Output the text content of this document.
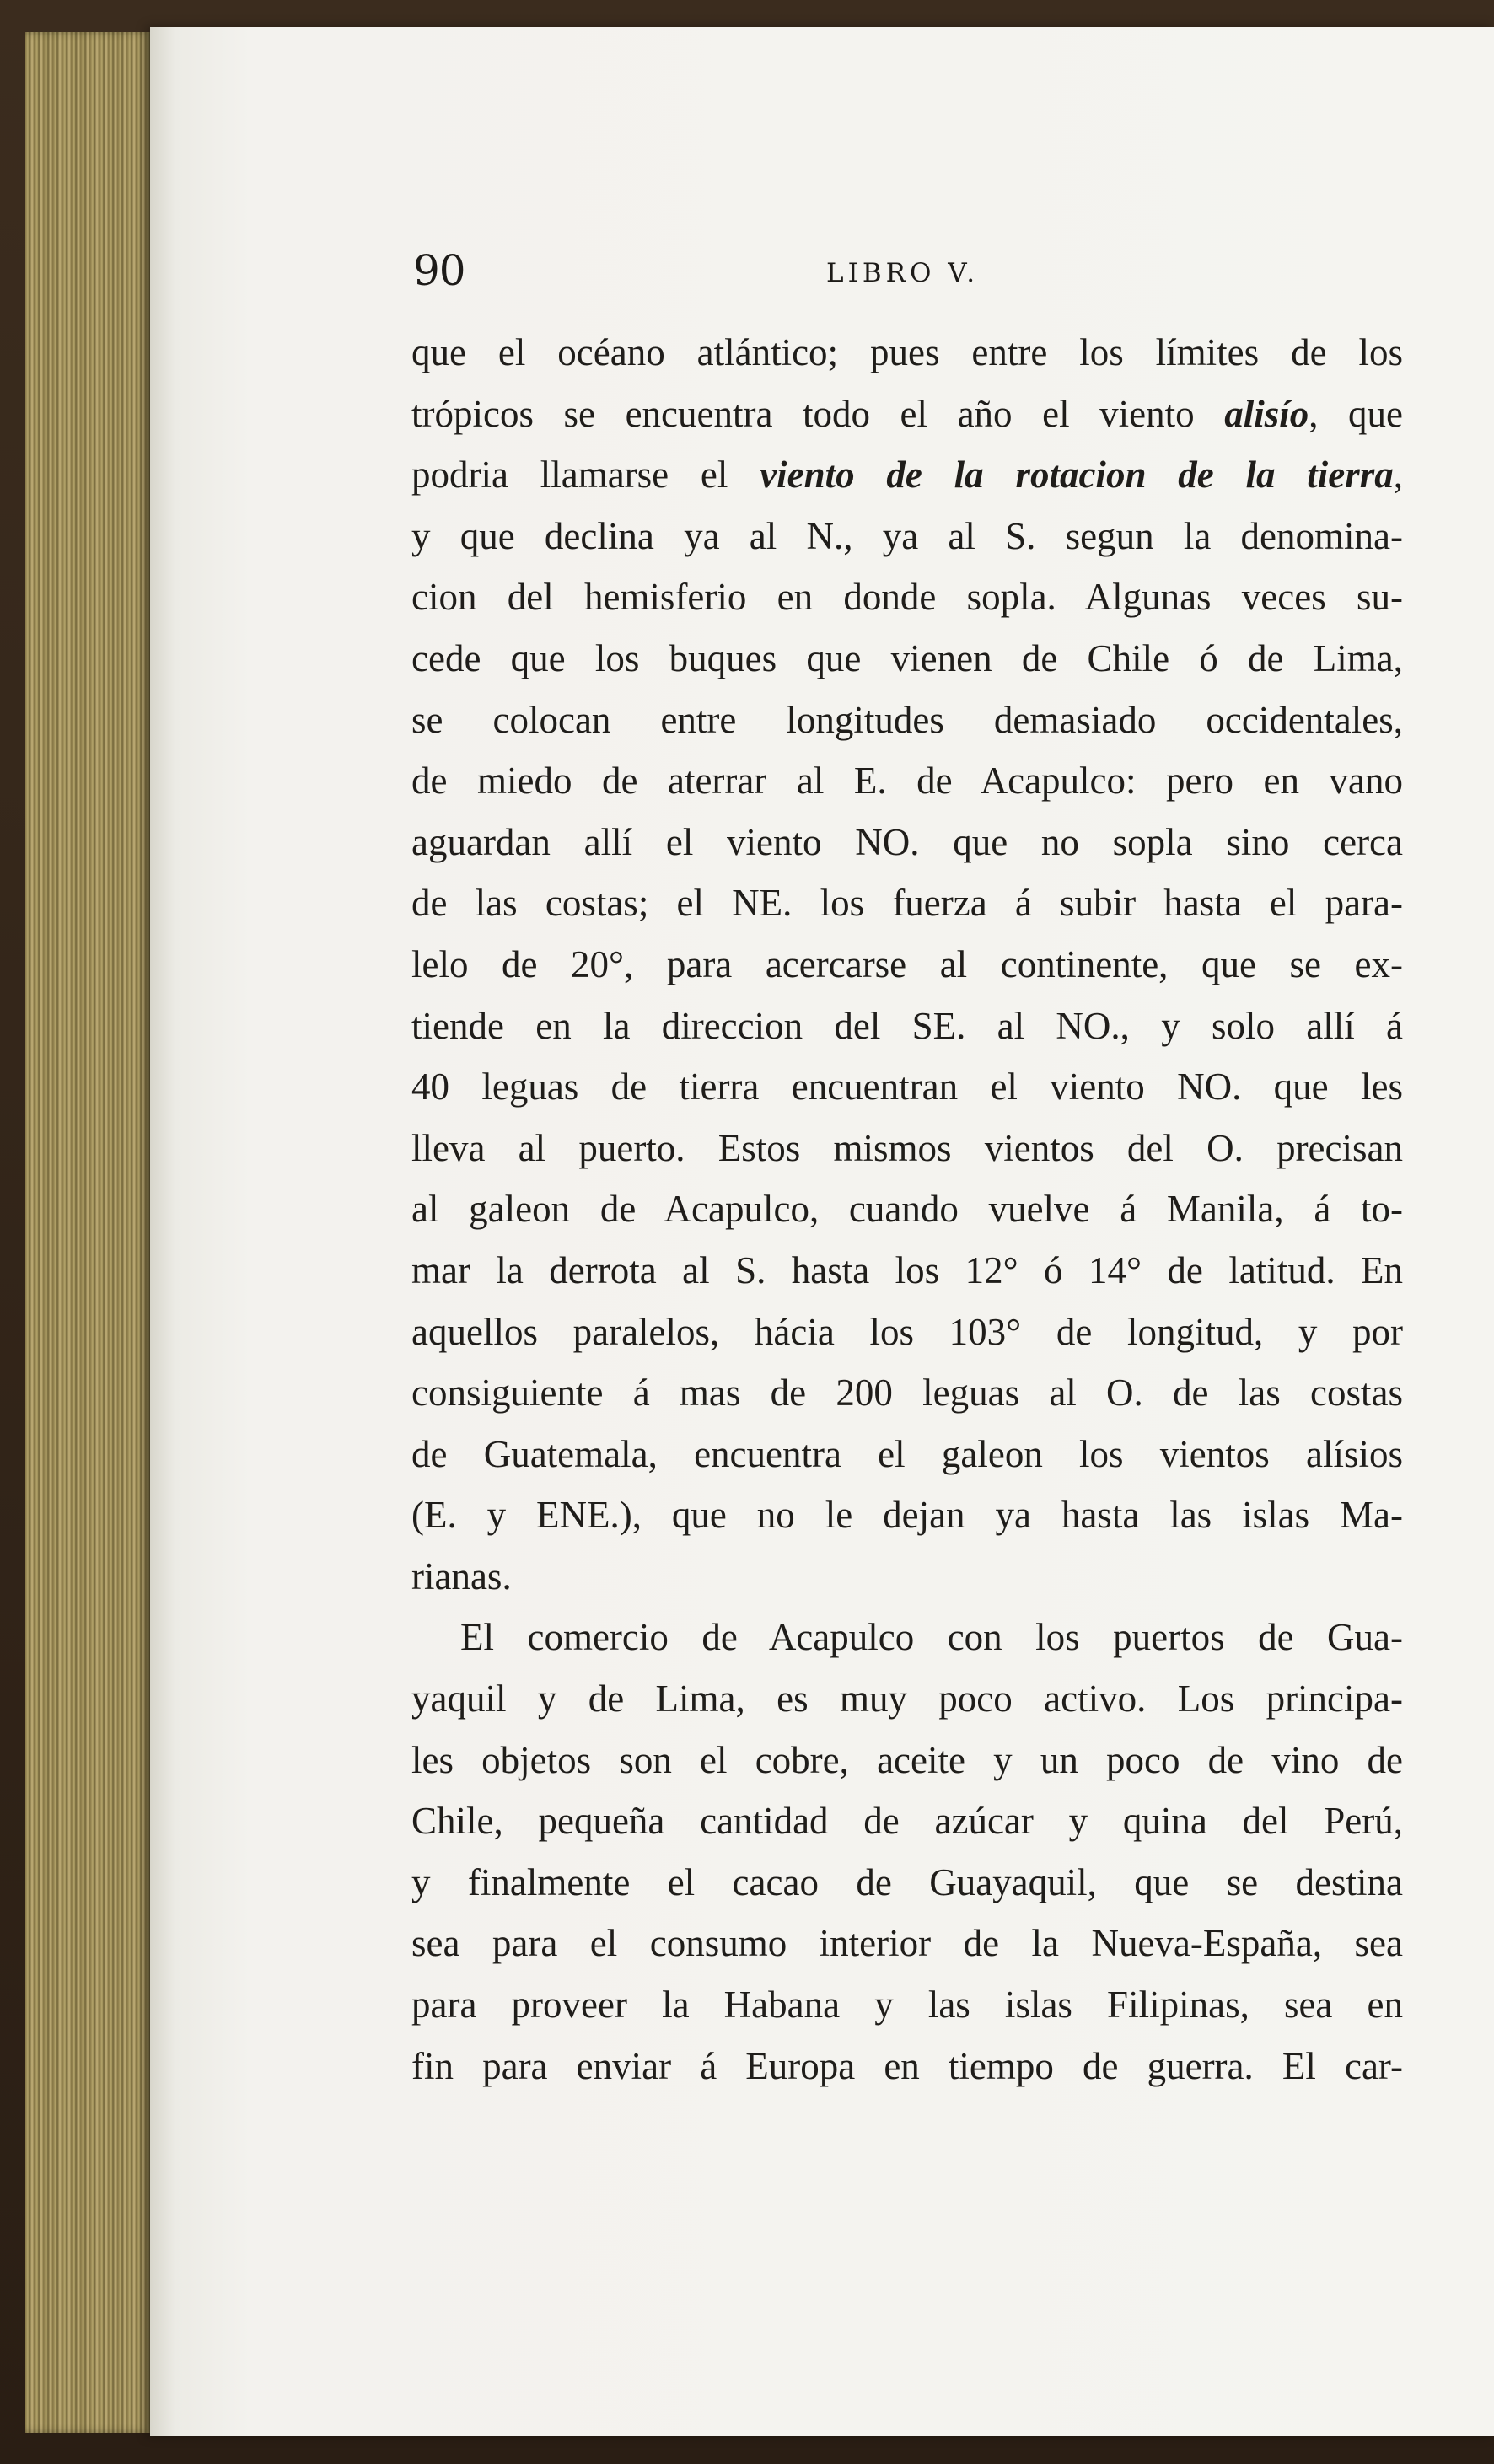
90	LIBRO V.
que el océano atlántico; pues entre los límites de los
trópicos se encuentra todo el año el viento alisío, que
podria llamarse el viento de la rotacion de la tierra,
y que declina ya al N., ya al S. segun la denomina-
cion del hemisferio en donde sopla. Algunas veces su-
cede que los buques que vienen de Chile ó de Lima,
se colocan entre longitudes demasiado occidentales,
de miedo de aterrar al E. de Acapulco: pero en vano
aguardan allí el viento NO. que no sopla sino cerca
de las costas; el NE. los fuerza á subir hasta el para-
lelo de 20°, para acercarse al continente, que se ex-
tiende en la direccion del SE. al NO., y solo allí á
40 leguas de tierra encuentran el viento NO. que les
lleva al puerto. Estos mismos vientos del O. precisan
al galeon de Acapulco, cuando vuelve á Manila, á to-
mar la derrota al S. hasta los 12° ó 14° de latitud. En
aquellos paralelos, hácia los 103° de longitud, y por
consiguiente á mas de 200 leguas al O. de las costas
de Guatemala, encuentra el galeon los vientos alísios
(E. y ENE.), que no le dejan ya hasta las islas Ma-
rianas.
El comercio de Acapulco con los puertos de Gua-
yaquil y de Lima, es muy poco activo. Los principa-
les objetos son el cobre, aceite y un poco de vino de
Chile, pequeña cantidad de azúcar y quina del Perú,
y finalmente el cacao de Guayaquil, que se destina
sea para el consumo interior de la Nueva-España, sea
para proveer la Habana y las islas Filipinas, sea en
fin para enviar á Europa en tiempo de guerra. El car-
